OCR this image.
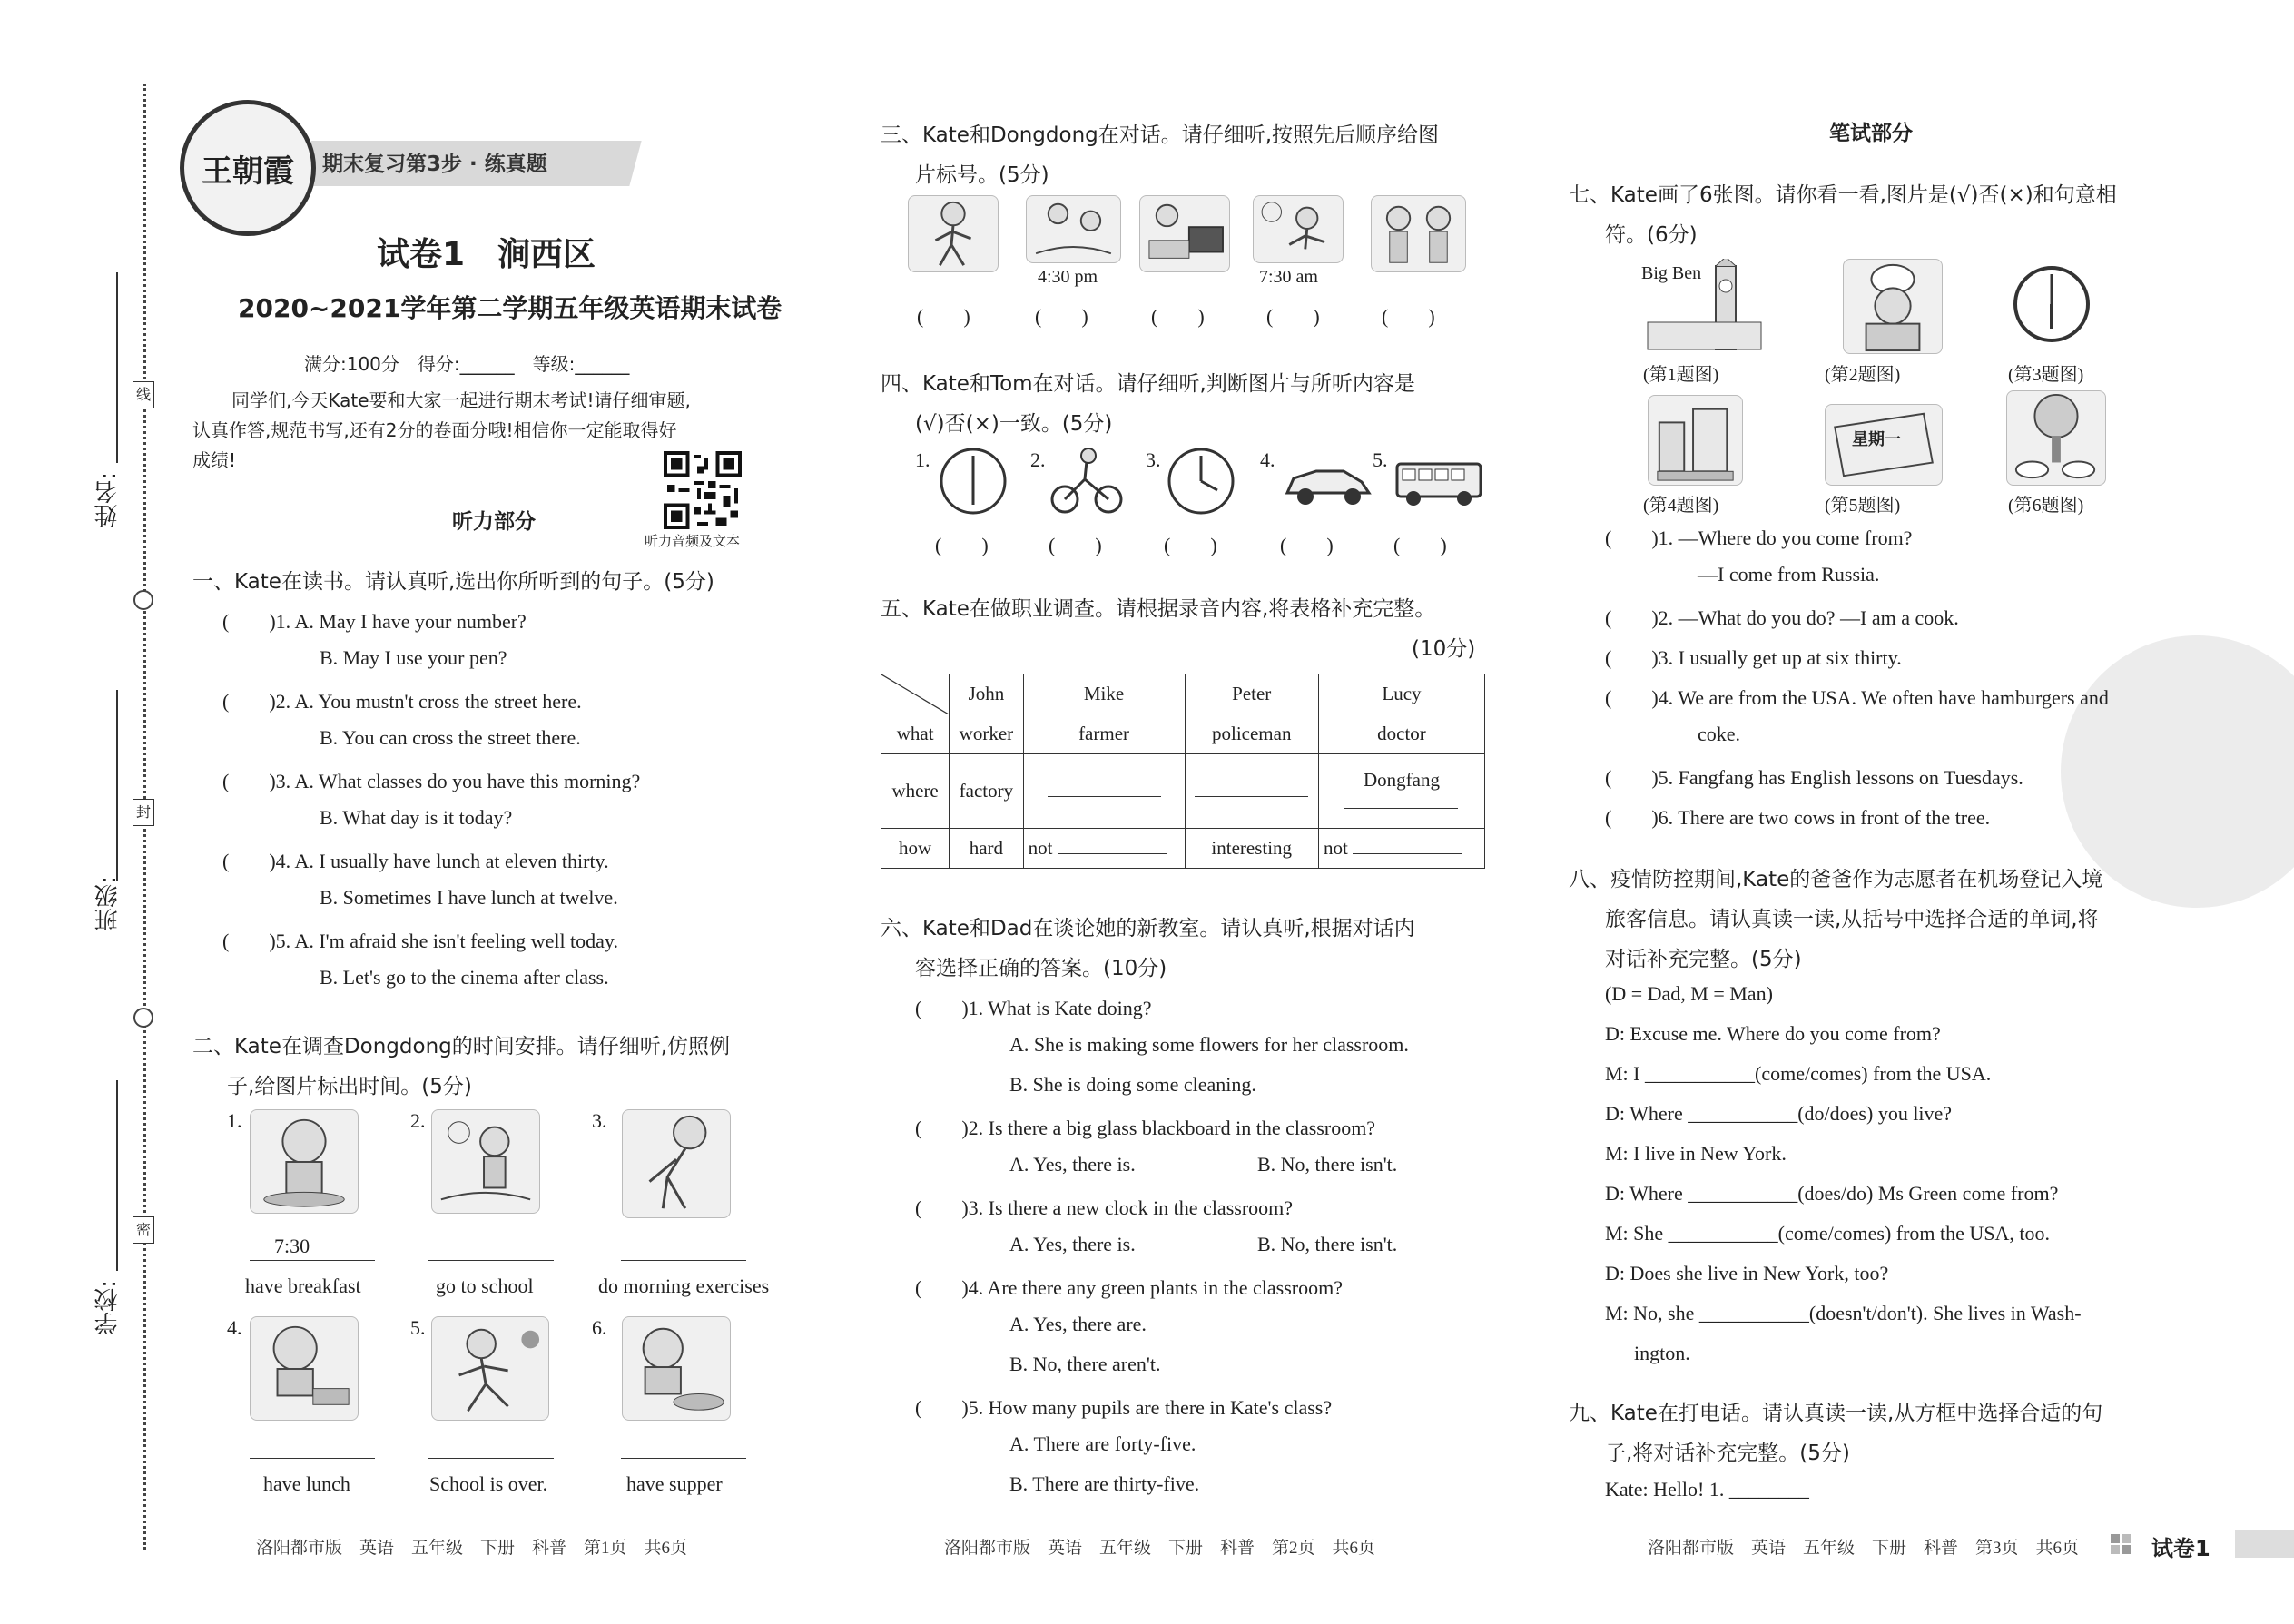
姓名:
班级:
学校:
线
封
密
期末复习第3步 · 练真题
王朝霞
试卷1　涧西区
2020~2021学年第二学期五年级英语期末试卷
满分:100分　得分:______　等级:______
同学们,今天Kate要和大家一起进行期末考试!请仔细审题,
认真作答,规范书写,还有2分的卷面分哦!相信你一定能取得好
成绩!
听力部分
听力音频及文本
一、Kate在读书。请认真听,选出你所听到的句子。(5分)
(　　)1. A. May I have your number?
B. May I use your pen?
(　　)2. A. You mustn't cross the street here.
B. You can cross the street there.
(　　)3. A. What classes do you have this morning?
B. What day is it today?
(　　)4. A. I usually have lunch at eleven thirty.
B. Sometimes I have lunch at twelve.
(　　)5. A. I'm afraid she isn't feeling well today.
B. Let's go to the cinema after class.
二、Kate在调查Dongdong的时间安排。请仔细听,仿照例
子,给图片标出时间。(5分)
1.	2.	3.
7:30
have breakfast	go to school	do morning exercises
4.	5.	6.
have lunch	School is over.	have supper
洛阳都市版　英语　五年级　下册　科普　第1页　共6页
三、Kate和Dongdong在对话。请仔细听,按照先后顺序给图
片标号。(5分)
4:30 pm	7:30 am
(　　)	(　　)	(　　)	(　　)	(　　)
四、Kate和Tom在对话。请仔细听,判断图片与所听内容是
(√)否(×)一致。(5分)
1.	2.	3.	4.	5.
(　　)	(　　)	(　　)	(　　)	(　　)
五、Kate在做职业调查。请根据录音内容,将表格补充完整。
(10分)
	John	Mike	Peter	Lucy
what	worker	farmer	policeman	doctor
where	factory			Dongfang

how	hard	not	interesting	not
六、Kate和Dad在谈论她的新教室。请认真听,根据对话内
容选择正确的答案。(10分)
(　　)1. What is Kate doing?
A. She is making some flowers for her classroom.
B. She is doing some cleaning.
(　　)2. Is there a big glass blackboard in the classroom?
A. Yes, there is.	B. No, there isn't.
(　　)3. Is there a new clock in the classroom?
A. Yes, there is.	B. No, there isn't.
(　　)4. Are there any green plants in the classroom?
A. Yes, there are.
B. No, there aren't.
(　　)5. How many pupils are there in Kate's class?
A. There are forty-five.
B. There are thirty-five.
洛阳都市版　英语　五年级　下册　科普　第2页　共6页
笔试部分
七、Kate画了6张图。请你看一看,图片是(√)否(×)和句意相
符。(6分)
Big Ben
(第1题图)	(第2题图)	(第3题图)
星期一
(第4题图)	(第5题图)	(第6题图)
(　　)1. —Where do you come from?
—I come from Russia.
(　　)2. —What do you do? —I am a cook.
(　　)3. I usually get up at six thirty.
(　　)4. We are from the USA. We often have hamburgers and
coke.
(　　)5. Fangfang has English lessons on Tuesdays.
(　　)6. There are two cows in front of the tree.
八、疫情防控期间,Kate的爸爸作为志愿者在机场登记入境
旅客信息。请认真读一读,从括号中选择合适的单词,将
对话补充完整。(5分)
(D = Dad, M = Man)
D: Excuse me. Where do you come from?
M: I ___________(come/comes) from the USA.
D: Where ___________(do/does) you live?
M: I live in New York.
D: Where ___________(does/do) Ms Green come from?
M: She ___________(come/comes) from the USA, too.
D: Does she live in New York, too?
M: No, she ___________(doesn't/don't). She lives in Wash-
ington.
九、Kate在打电话。请认真读一读,从方框中选择合适的句
子,将对话补充完整。(5分)
Kate: Hello! 1. ________
洛阳都市版　英语　五年级　下册　科普　第3页　共6页	试卷1
